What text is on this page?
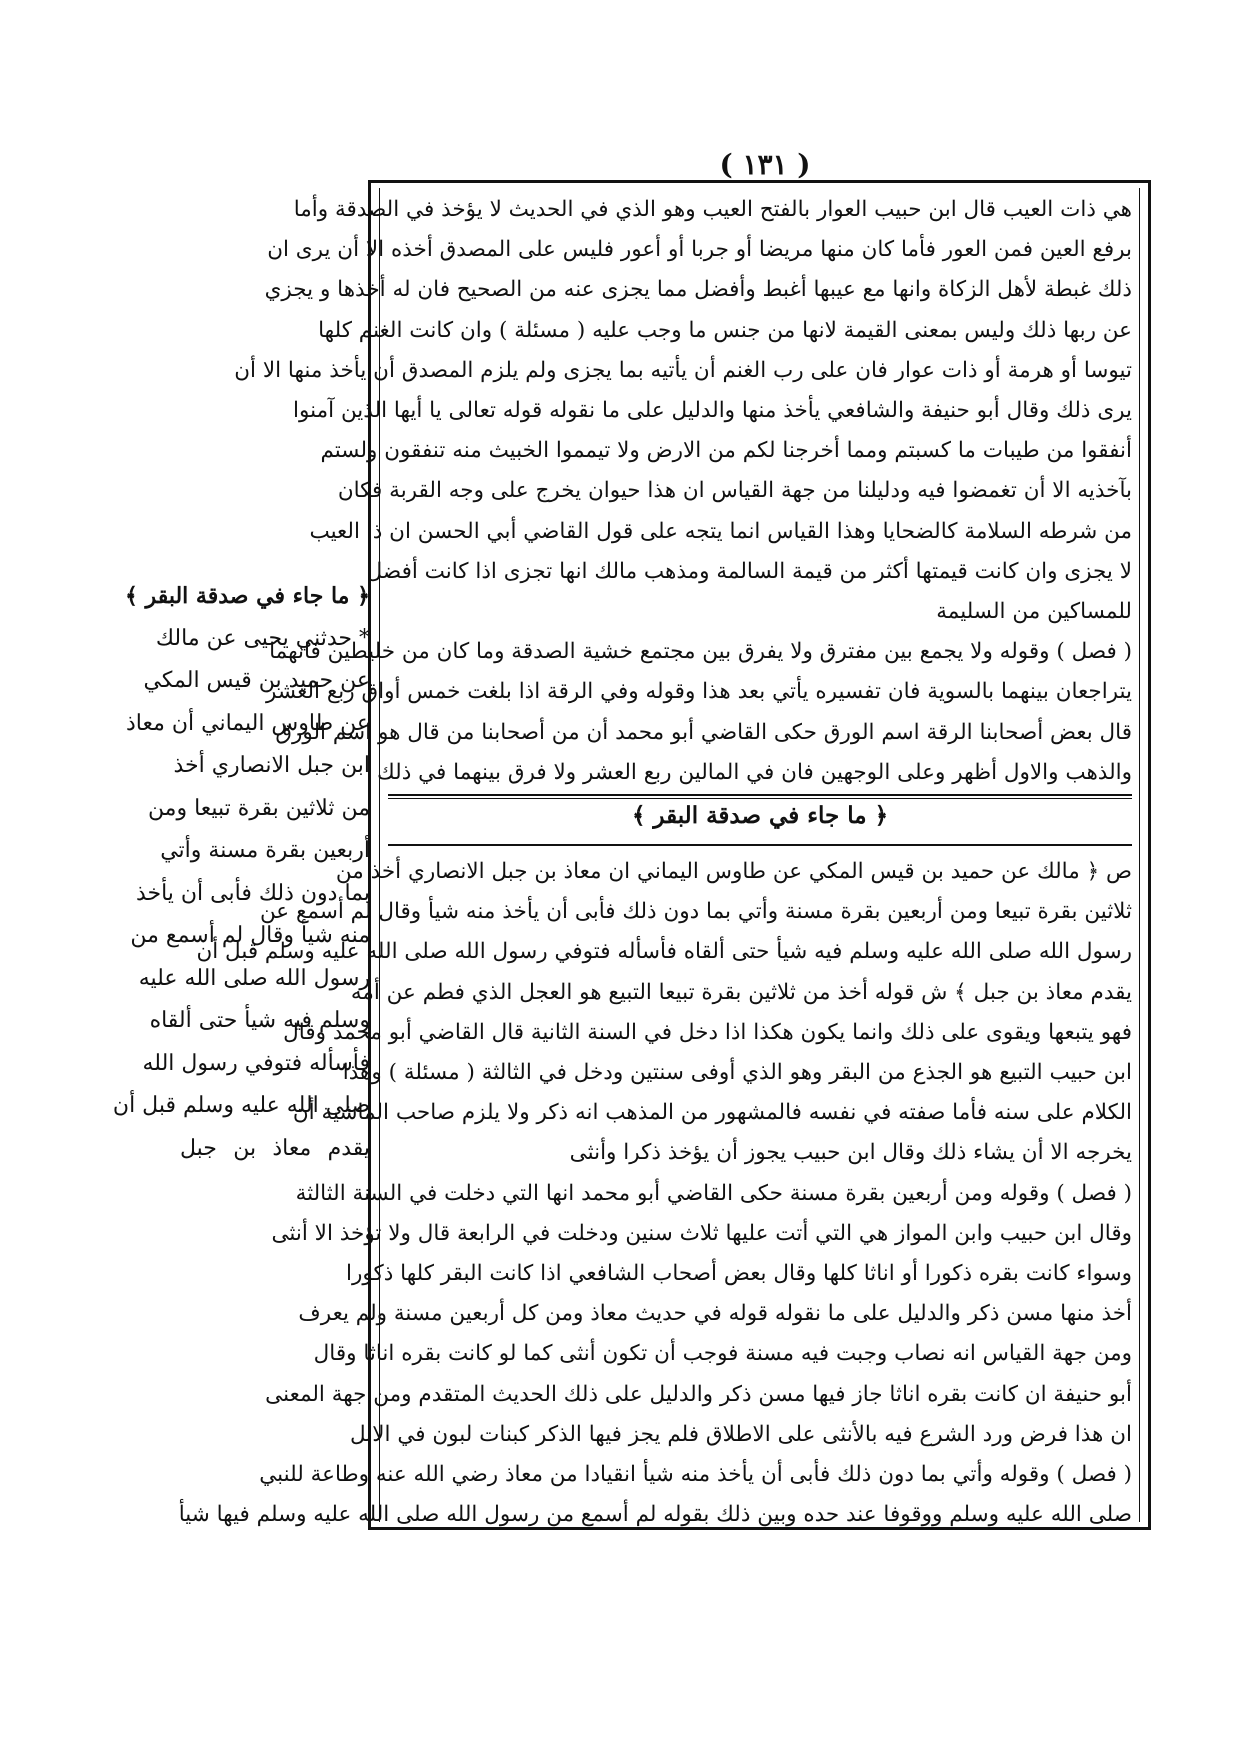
( ١٣١ )

هي ذات العيب قال ابن حبيب العوار بالفتح العيب وهو الذي في الحديث لا يؤخذ في الصدقة وأما

برفع العين فمن العور فأما كان منها مريضا أو جربا أو أعور فليس على المصدق أخذه الا أن يرى ان

ذلك غبطة لأهل الزكاة وانها مع عيبها أغبط وأفضل مما يجزى عنه من الصحيح فان له أخذها و يجزي

عن ربها ذلك وليس بمعنى القيمة لانها من جنس ما وجب عليه ( مسئلة ) وان كانت الغنم كلها

تيوسا أو هرمة أو ذات عوار فان على رب الغنم أن يأتيه بما يجزى ولم يلزم المصدق أن يأخذ منها الا أن

يرى ذلك وقال أبو حنيفة والشافعي يأخذ منها والدليل على ما نقوله قوله تعالى يا أيها الذين آمنوا

أنفقوا من طيبات ما كسبتم ومما أخرجنا لكم من الارض ولا تيمموا الخبيث منه تنفقون ولستم

بآخذيه الا أن تغمضوا فيه ودليلنا من جهة القياس ان هذا حيوان يخرج على وجه القربة فكان

من شرطه السلامة كالضحايا وهذا القياس انما يتجه على قول القاضي أبي الحسن ان ذا العيب

لا يجزى وان كانت قيمتها أكثر من قيمة السالمة ومذهب مالك انها تجزى اذا كانت أفضل

للمساكين من السليمة

( فصل ) وقوله ولا يجمع بين مفترق ولا يفرق بين مجتمع خشية الصدقة وما كان من خليطين فانهما

يتراجعان بينهما بالسوية فان تفسيره يأتي بعد هذا وقوله وفي الرقة اذا بلغت خمس أواق ربع العشر

قال بعض أصحابنا الرقة اسم الورق حكى القاضي أبو محمد أن من أصحابنا من قال هو اسم الورق

والذهب والاول أظهر وعلى الوجهين فان في المالين ربع العشر ولا فرق بينهما في ذلك

﴿ ما جاء في صدقة البقر ﴾

ص ﴿ مالك عن حميد بن قيس المكي عن طاوس اليماني ان معاذ بن جبل الانصاري أخذ من

ثلاثين بقرة تبيعا ومن أربعين بقرة مسنة وأتي بما دون ذلك فأبى أن يأخذ منه شيأ وقال لم أسمع عن

رسول الله صلى الله عليه وسلم فيه شيأ حتى ألقاه فأسأله فتوفي رسول الله صلى الله عليه وسلم قبل أن

يقدم معاذ بن جبل ﴾ ش قوله أخذ من ثلاثين بقرة تبيعا التبيع هو العجل الذي فطم عن أمه

فهو يتبعها ويقوى على ذلك وانما يكون هكذا اذا دخل في السنة الثانية قال القاضي أبو محمد وقال

ابن حبيب التبيع هو الجذع من البقر وهو الذي أوفى سنتين ودخل في الثالثة ( مسئلة ) وهذا

الكلام على سنه فأما صفته في نفسه فالمشهور من المذهب انه ذكر ولا يلزم صاحب الماشية أن

يخرجه الا أن يشاء ذلك وقال ابن حبيب يجوز أن يؤخذ ذكرا وأنثى

( فصل ) وقوله ومن أربعين بقرة مسنة حكى القاضي أبو محمد انها التي دخلت في السنة الثالثة

وقال ابن حبيب وابن المواز هي التي أتت عليها ثلاث سنين ودخلت في الرابعة قال ولا تؤخذ الا أنثى

وسواء كانت بقره ذكورا أو اناثا كلها وقال بعض أصحاب الشافعي اذا كانت البقر كلها ذكورا

أخذ منها مسن ذكر والدليل على ما نقوله قوله في حديث معاذ ومن كل أربعين مسنة ولم يعرف

ومن جهة القياس انه نصاب وجبت فيه مسنة فوجب أن تكون أنثى كما لو كانت بقره اناثا وقال

أبو حنيفة ان كانت بقره اناثا جاز فيها مسن ذكر والدليل على ذلك الحديث المتقدم ومن جهة المعنى

ان هذا فرض ورد الشرع فيه بالأنثى على الاطلاق فلم يجز فيها الذكر كبنات لبون في الابل

( فصل ) وقوله وأتي بما دون ذلك فأبى أن يأخذ منه شيأ انقيادا من معاذ رضي الله عنه وطاعة للنبي

صلى الله عليه وسلم ووقوفا عند حده وبين ذلك بقوله لم أسمع من رسول الله صلى الله عليه وسلم فيها شيأ

﴿ ما جاء في صدقة البقر ﴾

* حدثني يحيى عن مالك

عن حميد بن قيس المكي

عن طاوس اليماني أن معاذ

ابن جبل الانصاري أخذ

من ثلاثين بقرة تبيعا ومن

أربعين بقرة مسنة وأتي

بما دون ذلك فأبى أن يأخذ

منه شيأ وقال لم أسمع من

رسول الله صلى الله عليه

وسلم فيه شيأ حتى ألقاه

فأسأله فتوفي رسول الله

صلى الله عليه وسلم قبل أن

يقدم معاذ بن جبل
